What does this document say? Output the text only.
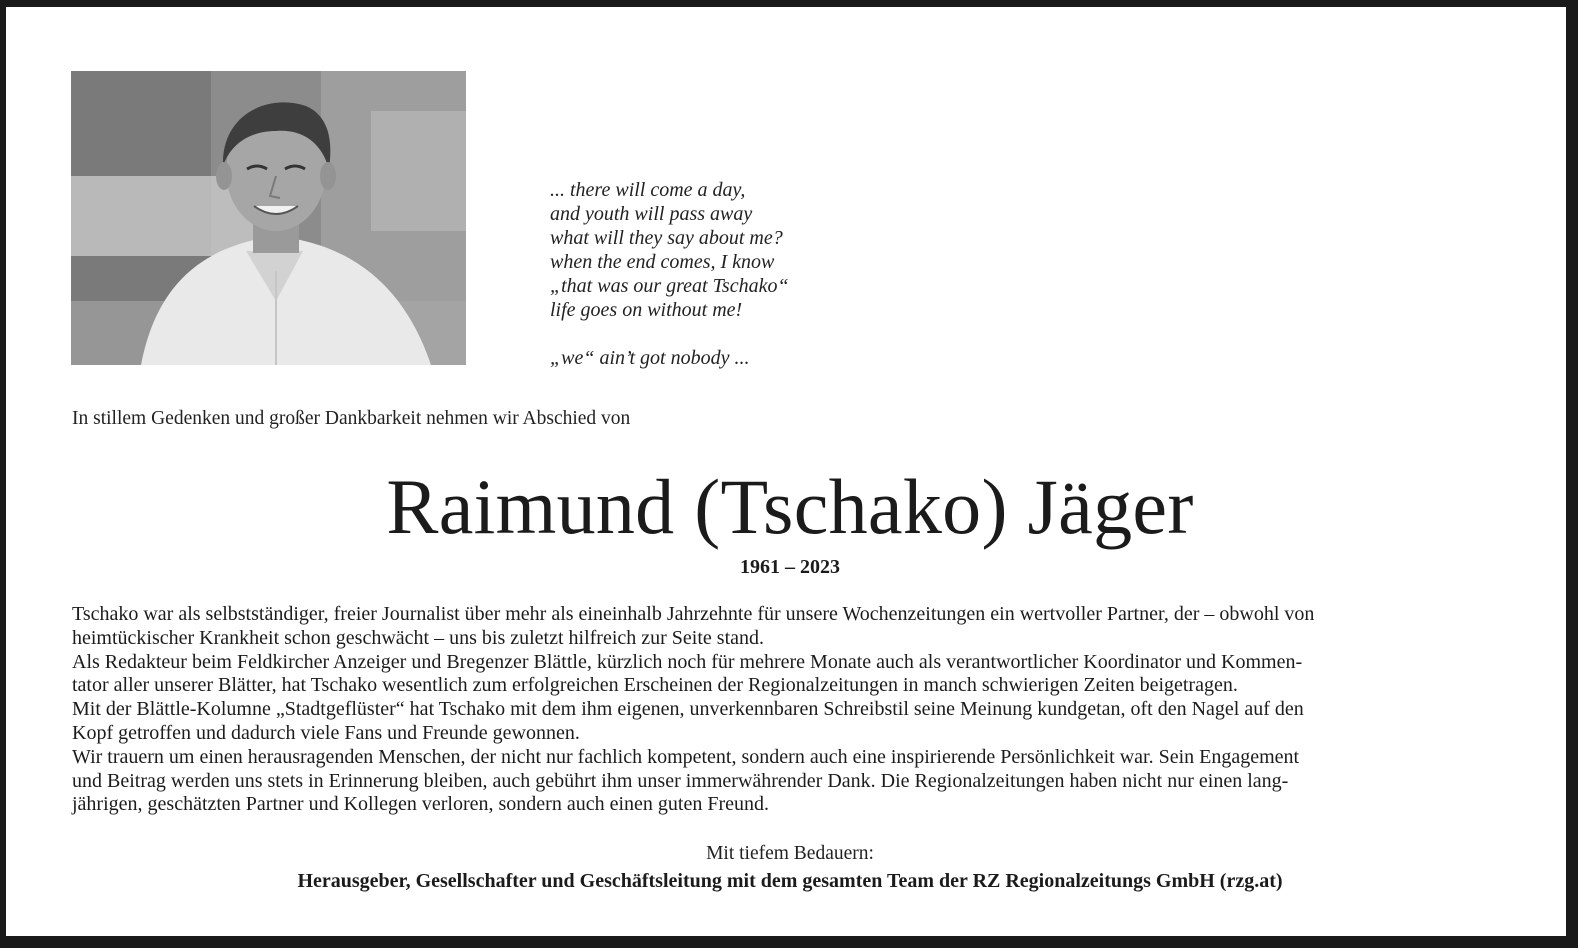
... there will come a day,
and youth will pass away
what will they say about me?
when the end comes, I know
„that was our great Tschako“
life goes on without me!
„we“ ain’t got nobody ...
In stillem Gedenken und großer Dankbarkeit nehmen wir Abschied von
Raimund (Tschako) Jäger
1961 – 2023
Tschako war als selbstständiger, freier Journalist über mehr als eineinhalb Jahrzehnte für unsere Wochenzeitungen ein wertvoller Partner, der – obwohl von
heimtückischer Krankheit schon geschwächt – uns bis zuletzt hilfreich zur Seite stand.
Als Redakteur beim Feldkircher Anzeiger und Bregenzer Blättle, kürzlich noch für mehrere Monate auch als verantwortlicher Koordinator und Kommen-
tator aller unserer Blätter, hat Tschako wesentlich zum erfolgreichen Erscheinen der Regionalzeitungen in manch schwierigen Zeiten beigetragen.
Mit der Blättle-Kolumne „Stadtgeflüster“ hat Tschako mit dem ihm eigenen, unverkennbaren Schreibstil seine Meinung kundgetan, oft den Nagel auf den
Kopf getroffen und dadurch viele Fans und Freunde gewonnen.
Wir trauern um einen herausragenden Menschen, der nicht nur fachlich kompetent, sondern auch eine inspirierende Persönlichkeit war. Sein Engagement
und Beitrag werden uns stets in Erinnerung bleiben, auch gebührt ihm unser immerwährender Dank. Die Regionalzeitungen haben nicht nur einen lang-
jährigen, geschätzten Partner und Kollegen verloren, sondern auch einen guten Freund.
Mit tiefem Bedauern:
Herausgeber, Gesellschafter und Geschäftsleitung mit dem gesamten Team der RZ Regionalzeitungs GmbH (rzg.at)
